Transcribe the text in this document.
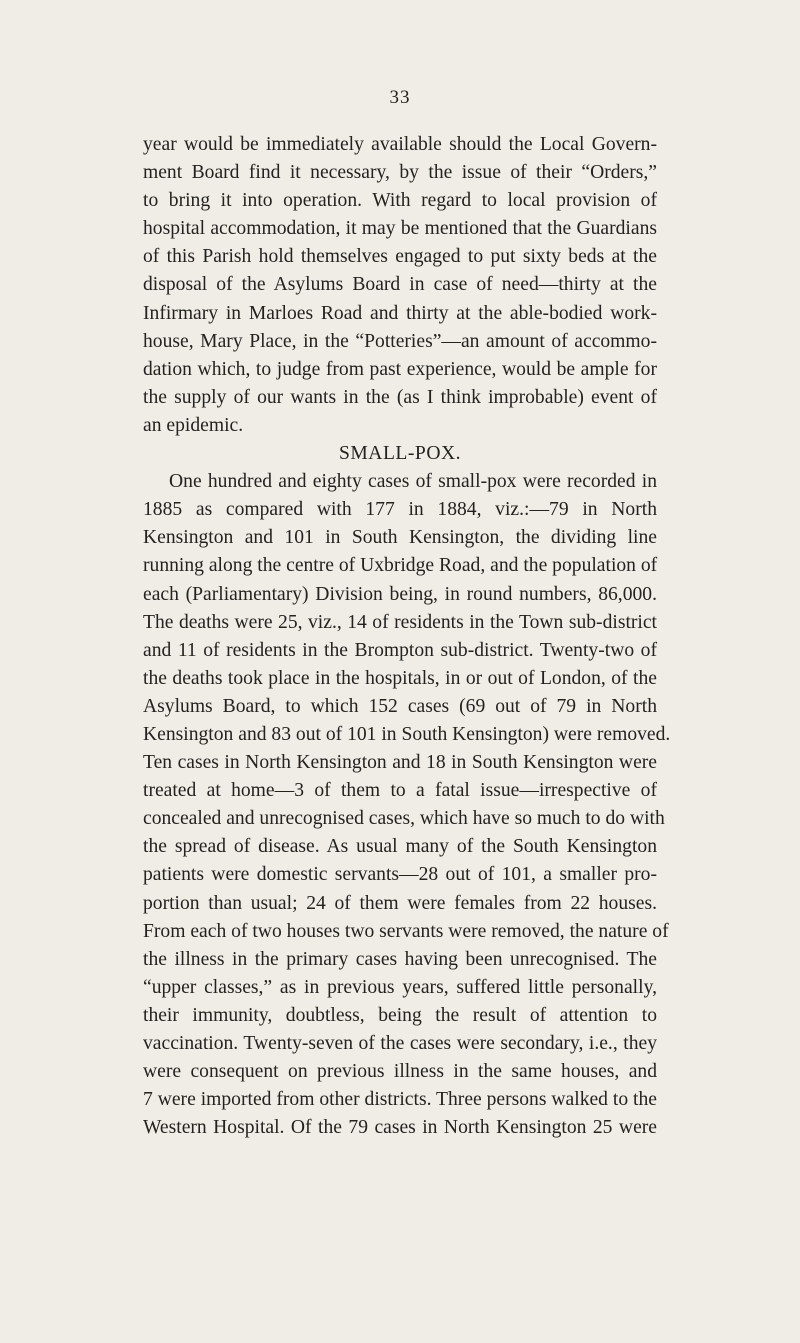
33
year would be immediately available should the Local Govern-
ment Board find it necessary, by the issue of their “Orders,”
to bring it into operation. With regard to local provision of
hospital accommodation, it may be mentioned that the Guardians
of this Parish hold themselves engaged to put sixty beds at the
disposal of the Asylums Board in case of need—thirty at the
Infirmary in Marloes Road and thirty at the able-bodied work-
house, Mary Place, in the “Potteries”—an amount of accommo-
dation which, to judge from past experience, would be ample for
the supply of our wants in the (as I think improbable) event of
an epidemic.
SMALL-POX.
One hundred and eighty cases of small-pox were recorded in
1885 as compared with 177 in 1884, viz.:—79 in North
Kensington and 101 in South Kensington, the dividing line
running along the centre of Uxbridge Road, and the population of
each (Parliamentary) Division being, in round numbers, 86,000.
The deaths were 25, viz., 14 of residents in the Town sub-district
and 11 of residents in the Brompton sub-district. Twenty-two of
the deaths took place in the hospitals, in or out of London, of the
Asylums Board, to which 152 cases (69 out of 79 in North
Kensington and 83 out of 101 in South Kensington) were removed.
Ten cases in North Kensington and 18 in South Kensington were
treated at home—3 of them to a fatal issue—irrespective of
concealed and unrecognised cases, which have so much to do with
the spread of disease. As usual many of the South Kensington
patients were domestic servants—28 out of 101, a smaller pro-
portion than usual; 24 of them were females from 22 houses.
From each of two houses two servants were removed, the nature of
the illness in the primary cases having been unrecognised. The
“upper classes,” as in previous years, suffered little personally,
their immunity, doubtless, being the result of attention to
vaccination. Twenty-seven of the cases were secondary, i.e., they
were consequent on previous illness in the same houses, and
7 were imported from other districts. Three persons walked to the
Western Hospital. Of the 79 cases in North Kensington 25 were
